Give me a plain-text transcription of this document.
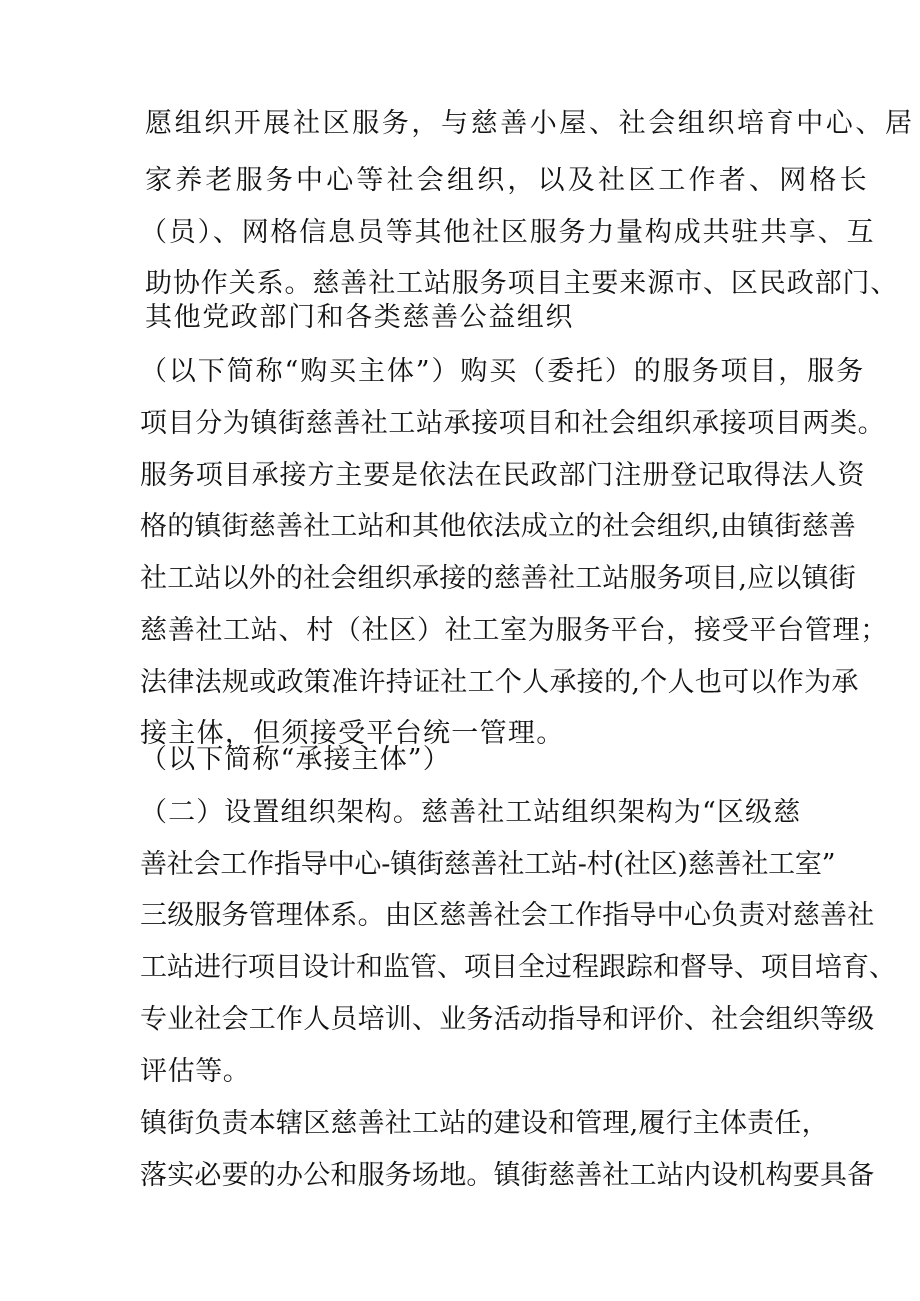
愿组织开展社区服务，与慈善小屋、社会组织培育中心、居
家养老服务中心等社会组织，以及社区工作者、网格长
（员）、网格信息员等其他社区服务力量构成共驻共享、互
助协作关系。慈善社工站服务项目主要来源市、区民政部门、
其他党政部门和各类慈善公益组织
（以下简称“购买主体”）购买（委托）的服务项目，服务
项目分为镇街慈善社工站承接项目和社会组织承接项目两类。
服务项目承接方主要是依法在民政部门注册登记取得法人资
格的镇街慈善社工站和其他依法成立的社会组织,由镇街慈善
社工站以外的社会组织承接的慈善社工站服务项目,应以镇街
慈善社工站、村（社区）社工室为服务平台，接受平台管理；
法律法规或政策准许持证社工个人承接的,个人也可以作为承
接主体，但须接受平台统一管理。
（以下简称“承接主体”）
（二）设置组织架构。慈善社工站组织架构为“区级慈
善社会工作指导中心-镇街慈善社工站-村(社区)慈善社工室”
三级服务管理体系。由区慈善社会工作指导中心负责对慈善社
工站进行项目设计和监管、项目全过程跟踪和督导、项目培育、
专业社会工作人员培训、业务活动指导和评价、社会组织等级
评估等。
镇街负责本辖区慈善社工站的建设和管理,履行主体责任，
落实必要的办公和服务场地。镇街慈善社工站内设机构要具备
